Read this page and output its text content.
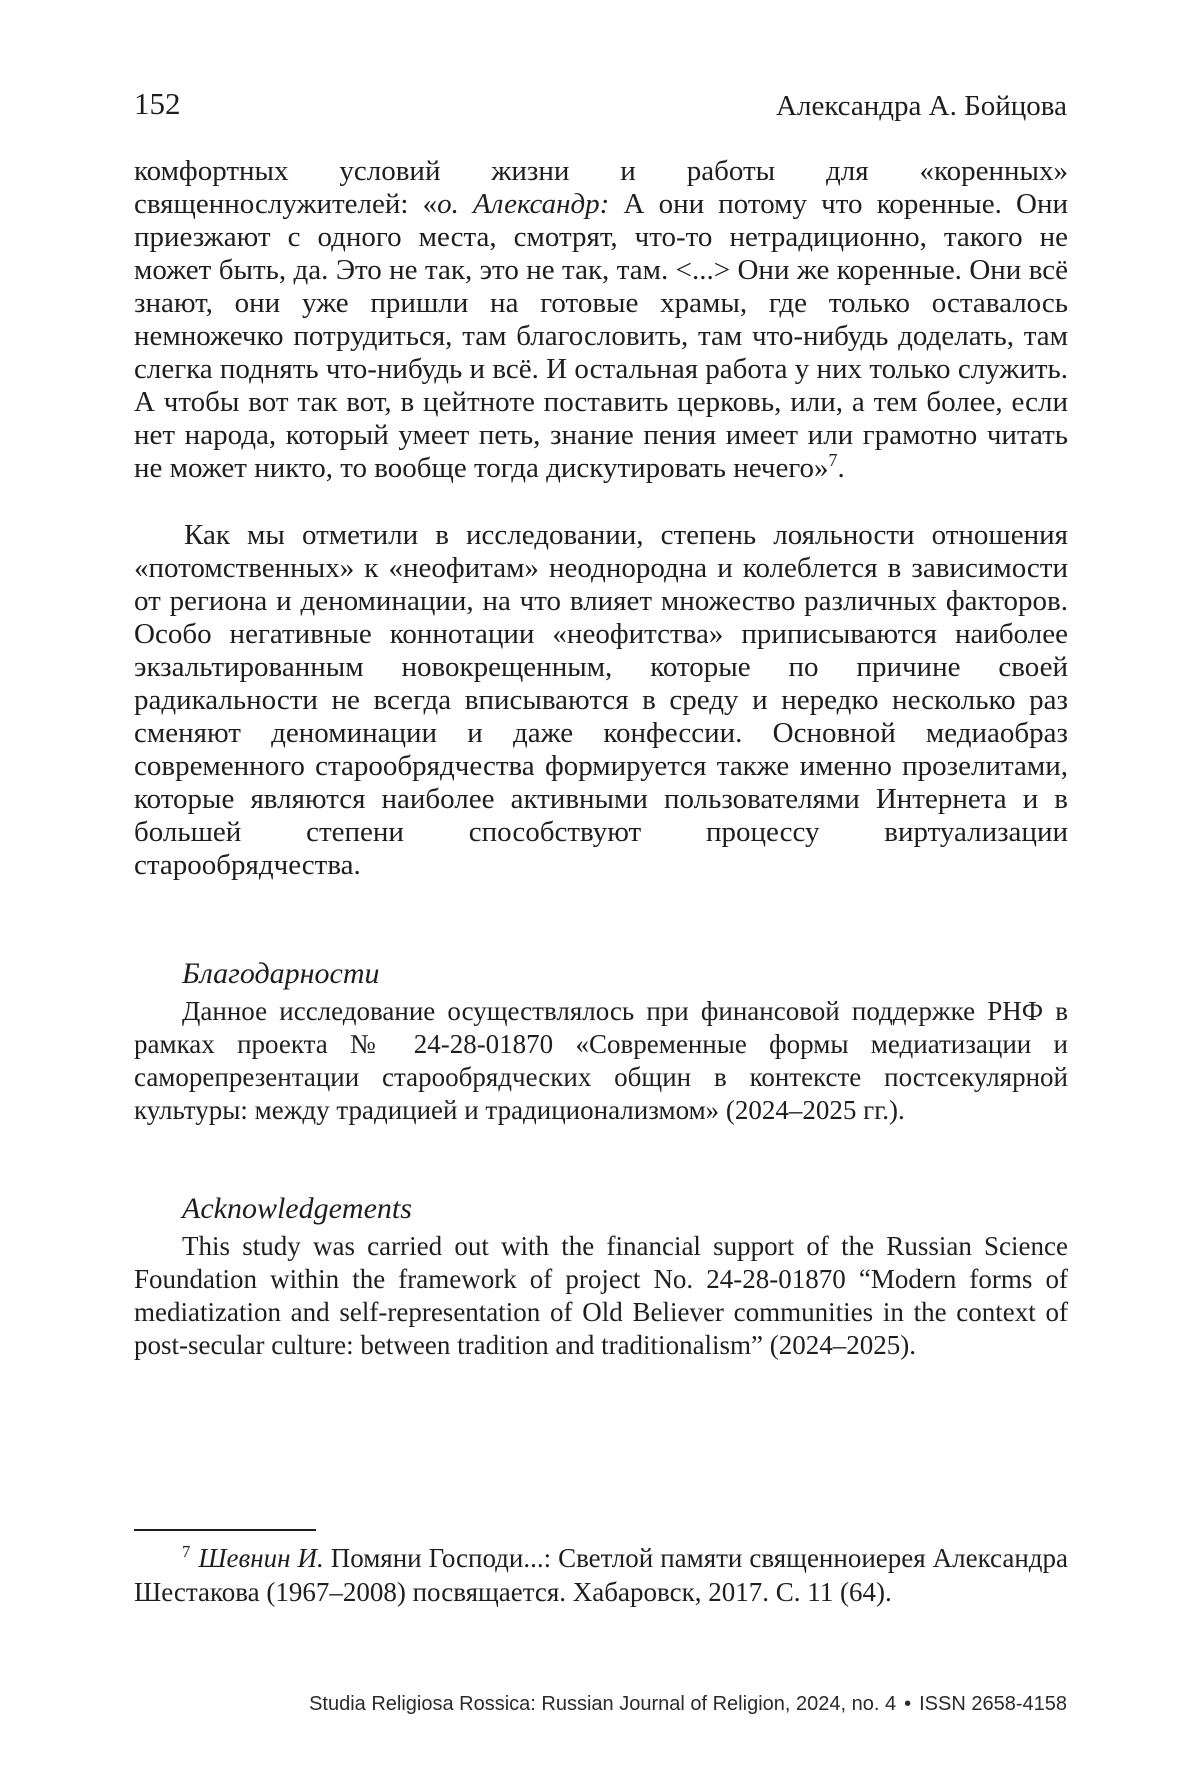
152	Александра А. Бойцова

комфортных условий жизни и работы для «коренных» священнослужителей: «о. Александр: А они потому что коренные. Они приезжают с одного места, смотрят, что-то нетрадиционно, такого не может быть, да. Это не так, это не так, там. <...> Они же коренные. Они всё знают, они уже пришли на готовые храмы, где только оставалось немножечко потрудиться, там благословить, там что-нибудь доделать, там слегка поднять что-нибудь и всё. И остальная работа у них только служить. А чтобы вот так вот, в цейтноте поставить церковь, или, а тем более, если нет народа, который умеет петь, знание пения имеет или грамотно читать не может никто, то вообще тогда дискутировать нечего»$^7$.

Как мы отметили в исследовании, степень лояльности отношения «потомственных» к «неофитам» неоднородна и колеблется в зависимости от региона и деноминации, на что влияет множество различных факторов. Особо негативные коннотации «неофитства» приписываются наиболее экзальтированным новокрещенным, которые по причине своей радикальности не всегда вписываются в среду и нередко несколько раз сменяют деноминации и даже конфессии. Основной медиаобраз современного старообрядчества формируется также именно прозелитами, которые являются наиболее активными пользователями Интернета и в большей степени способствуют процессу виртуализации старообрядчества.

Благодарности
Данное исследование осуществлялось при финансовой поддержке РНФ в рамках проекта № 24-28-01870 «Современные формы медиатизации и саморепрезентации старообрядческих общин в контексте постсекулярной культуры: между традицией и традиционализмом» (2024–2025 гг.).
Acknowledgements
This study was carried out with the financial support of the Russian Science Foundation within the framework of project No. 24-28-01870 “Modern forms of mediatization and self-representation of Old Believer communities in the context of post-secular culture: between tradition and traditionalism” (2024–2025).
$^7$ Шевнин И. Помяни Господи...: Светлой памяти священноиерея Александра Шестакова (1967–2008) посвящается. Хабаровск, 2017. С. 11 (64).
Studia Religiosa Rossica: Russian Journal of Religion, 2024, no. 4 • ISSN 2658-4158
